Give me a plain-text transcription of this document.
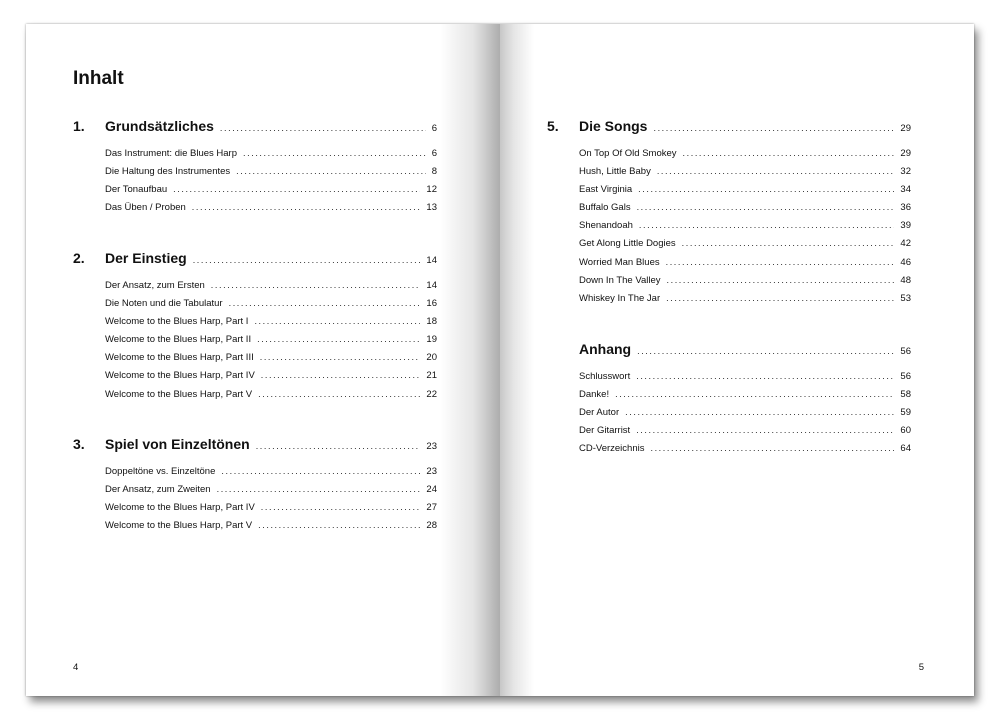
Inhalt
1.	Grundsätzliches .....	6
Das Instrument: die Blues Harp .....	6
Die Haltung des Instrumentes .....	8
Der Tonaufbau .....	12
Das Üben / Proben .....	13
2.	Der Einstieg .....	14
Der Ansatz, zum Ersten .....	14
Die Noten und die Tabulatur .....	16
Welcome to the Blues Harp, Part I .....	18
Welcome to the Blues Harp, Part II .....	19
Welcome to the Blues Harp, Part III .....	20
Welcome to the Blues Harp, Part IV .....	21
Welcome to the Blues Harp, Part V .....	22
3.	Spiel von Einzeltönen .....	23
Doppeltöne vs. Einzeltöne .....	23
Der Ansatz, zum Zweiten .....	24
Welcome to the Blues Harp, Part IV .....	27
Welcome to the Blues Harp, Part V .....	28
4
5.	Die Songs .....	29
On Top Of Old Smokey .....	29
Hush, Little Baby .....	32
East Virginia .....	34
Buffalo Gals .....	36
Shenandoah .....	39
Get Along Little Dogies .....	42
Worried Man Blues .....	46
Down In The Valley .....	48
Whiskey In The Jar .....	53
Anhang .....	56
Schlusswort .....	56
Danke! .....	58
Der Autor .....	59
Der Gitarrist .....	60
CD-Verzeichnis .....	64
5
